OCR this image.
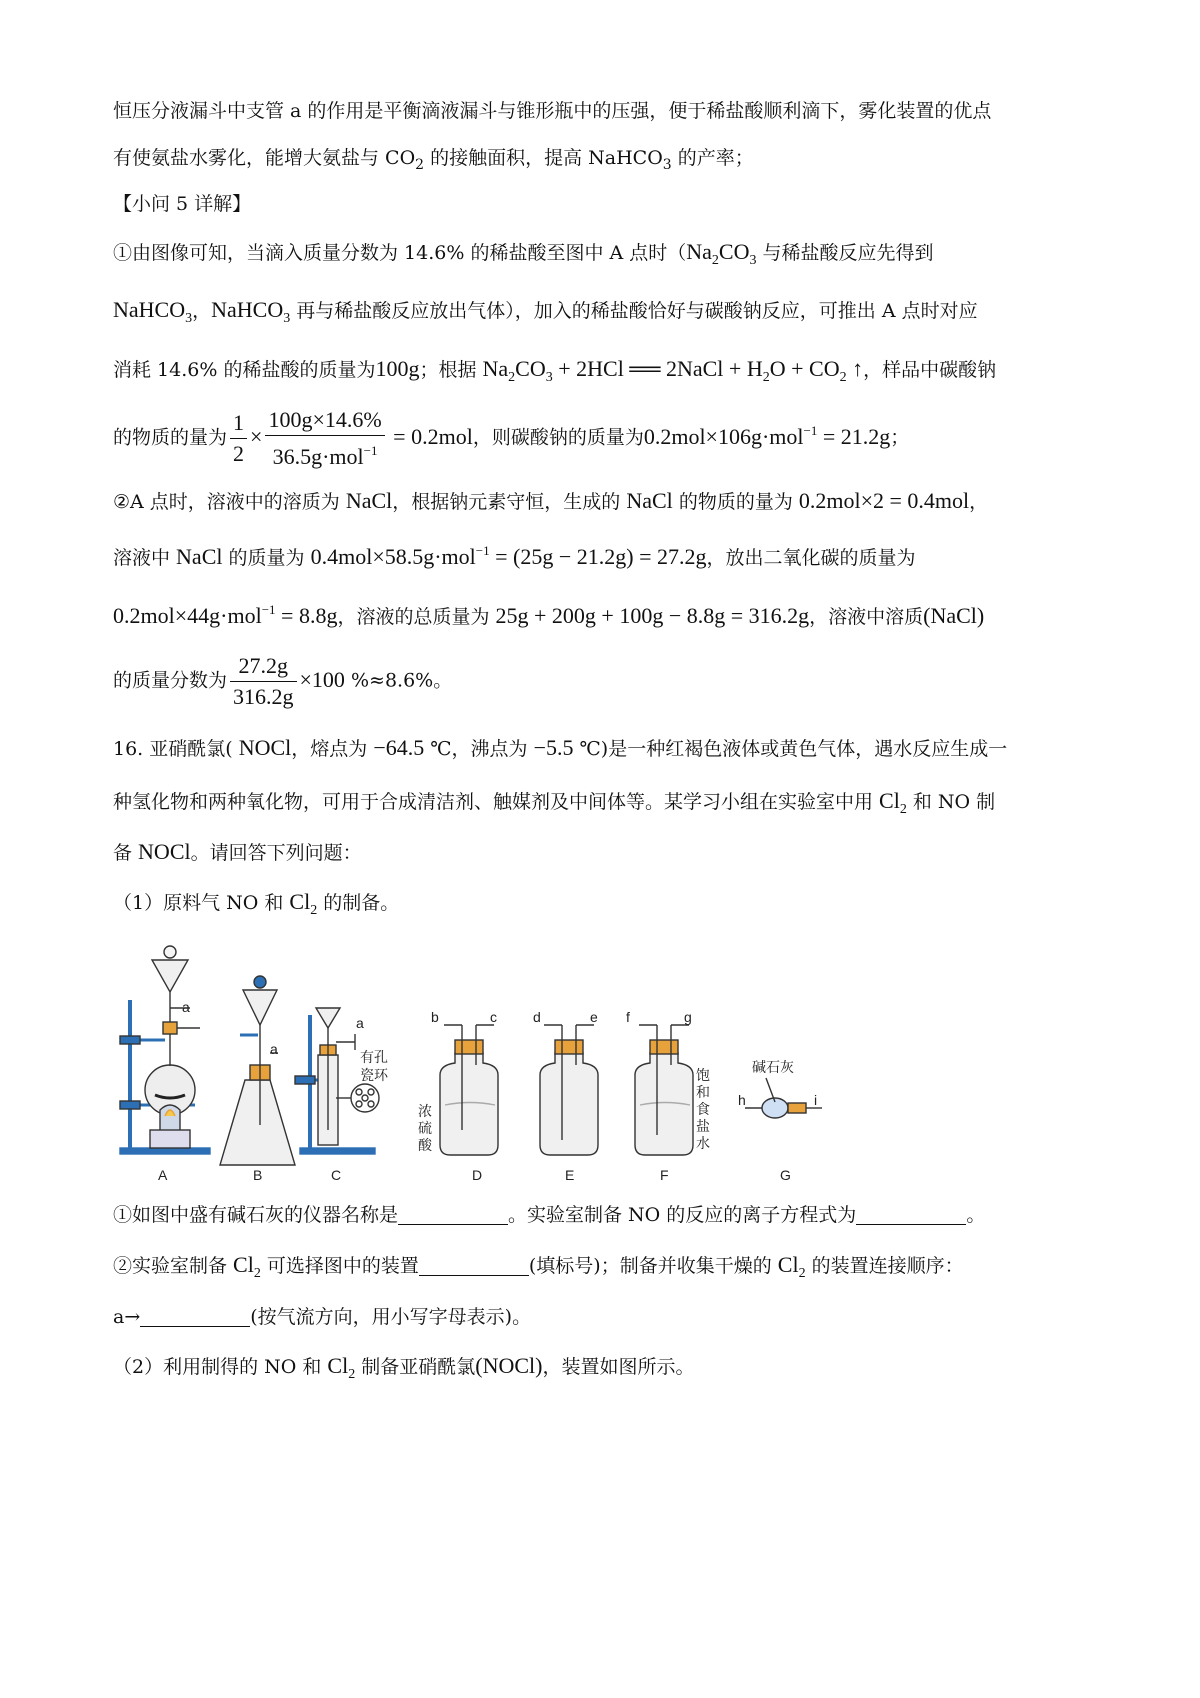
恒压分液漏斗中支管 a 的作用是平衡滴液漏斗与锥形瓶中的压强，便于稀盐酸顺利滴下，雾化装置的优点
有使氨盐水雾化，能增大氨盐与 $CO_2$ 的接触面积，提高 NaHCO$_3$ 的产率；
【小问 5 详解】
①由图像可知，当滴入质量分数为 14.6% 的稀盐酸至图中 A 点时（$Na_2CO_3$ 与稀盐酸反应先得到
NaHCO$_3$，NaHCO$_3$ 再与稀盐酸反应放出气体），加入的稀盐酸恰好与碳酸钠反应，可推出 A 点时对应
消耗 14.6% 的稀盐酸的质量为100g；根据 $Na_2CO_3 + 2HCl$ ══ 2NaCl + $H_2O + CO_2$ ↑，样品中碳酸钠
的物质的量为 $\frac{1}{2} \times \frac{100g\times 14.6\%}{36.5g\cdot mol^{-1}} = 0.2mol$，则碳酸钠的质量为0.2mol×106g·mol$^{-1}$ = 21.2g；
②A 点时，溶液中的溶质为 NaCl，根据钠元素守恒，生成的 NaCl 的物质的量为 0.2mol×2 = 0.4mol，
溶液中 NaCl 的质量为 0.4mol×58.5g·mol$^{-1}$ = (25g − 21.2g) = 27.2g，放出二氧化碳的质量为
0.2mol×44g·mol$^{-1}$ = 8.8g，溶液的总质量为 25g + 200g + 100g − 8.8g = 316.2g，溶液中溶质(NaCl)
的质量分数为 $\frac{27.2g}{316.2g} \times 100$ %≈8.6%。
16. 亚硝酰氯( NOCl，熔点为 −64.5 ℃，沸点为 −5.5 ℃)是一种红褐色液体或黄色气体，遇水反应生成一
种氢化物和两种氧化物，可用于合成清洁剂、触媒剂及中间体等。某学习小组在实验室中用 $Cl_2$ 和 NO 制
备 NOCl。请回答下列问题：
（1）原料气 NO 和 $Cl_2$ 的制备。
a
a
a
有孔
瓷环
b	c	d	e f	g
h	i
碱石灰
浓
硫
酸
饱
和
食
盐
水
A	B	C	D	E	F	G
①如图中盛有碱石灰的仪器名称是	。实验室制备 NO 的反应的离子方程式为	。
②实验室制备 $Cl_2$ 可选择图中的装置	(填标号)；制备并收集干燥的 $Cl_2$ 的装置连接顺序：
a→	(按气流方向，用小写字母表示)。
（2）利用制得的 NO 和 $Cl_2$ 制备亚硝酰氯(NOCl)，装置如图所示。
